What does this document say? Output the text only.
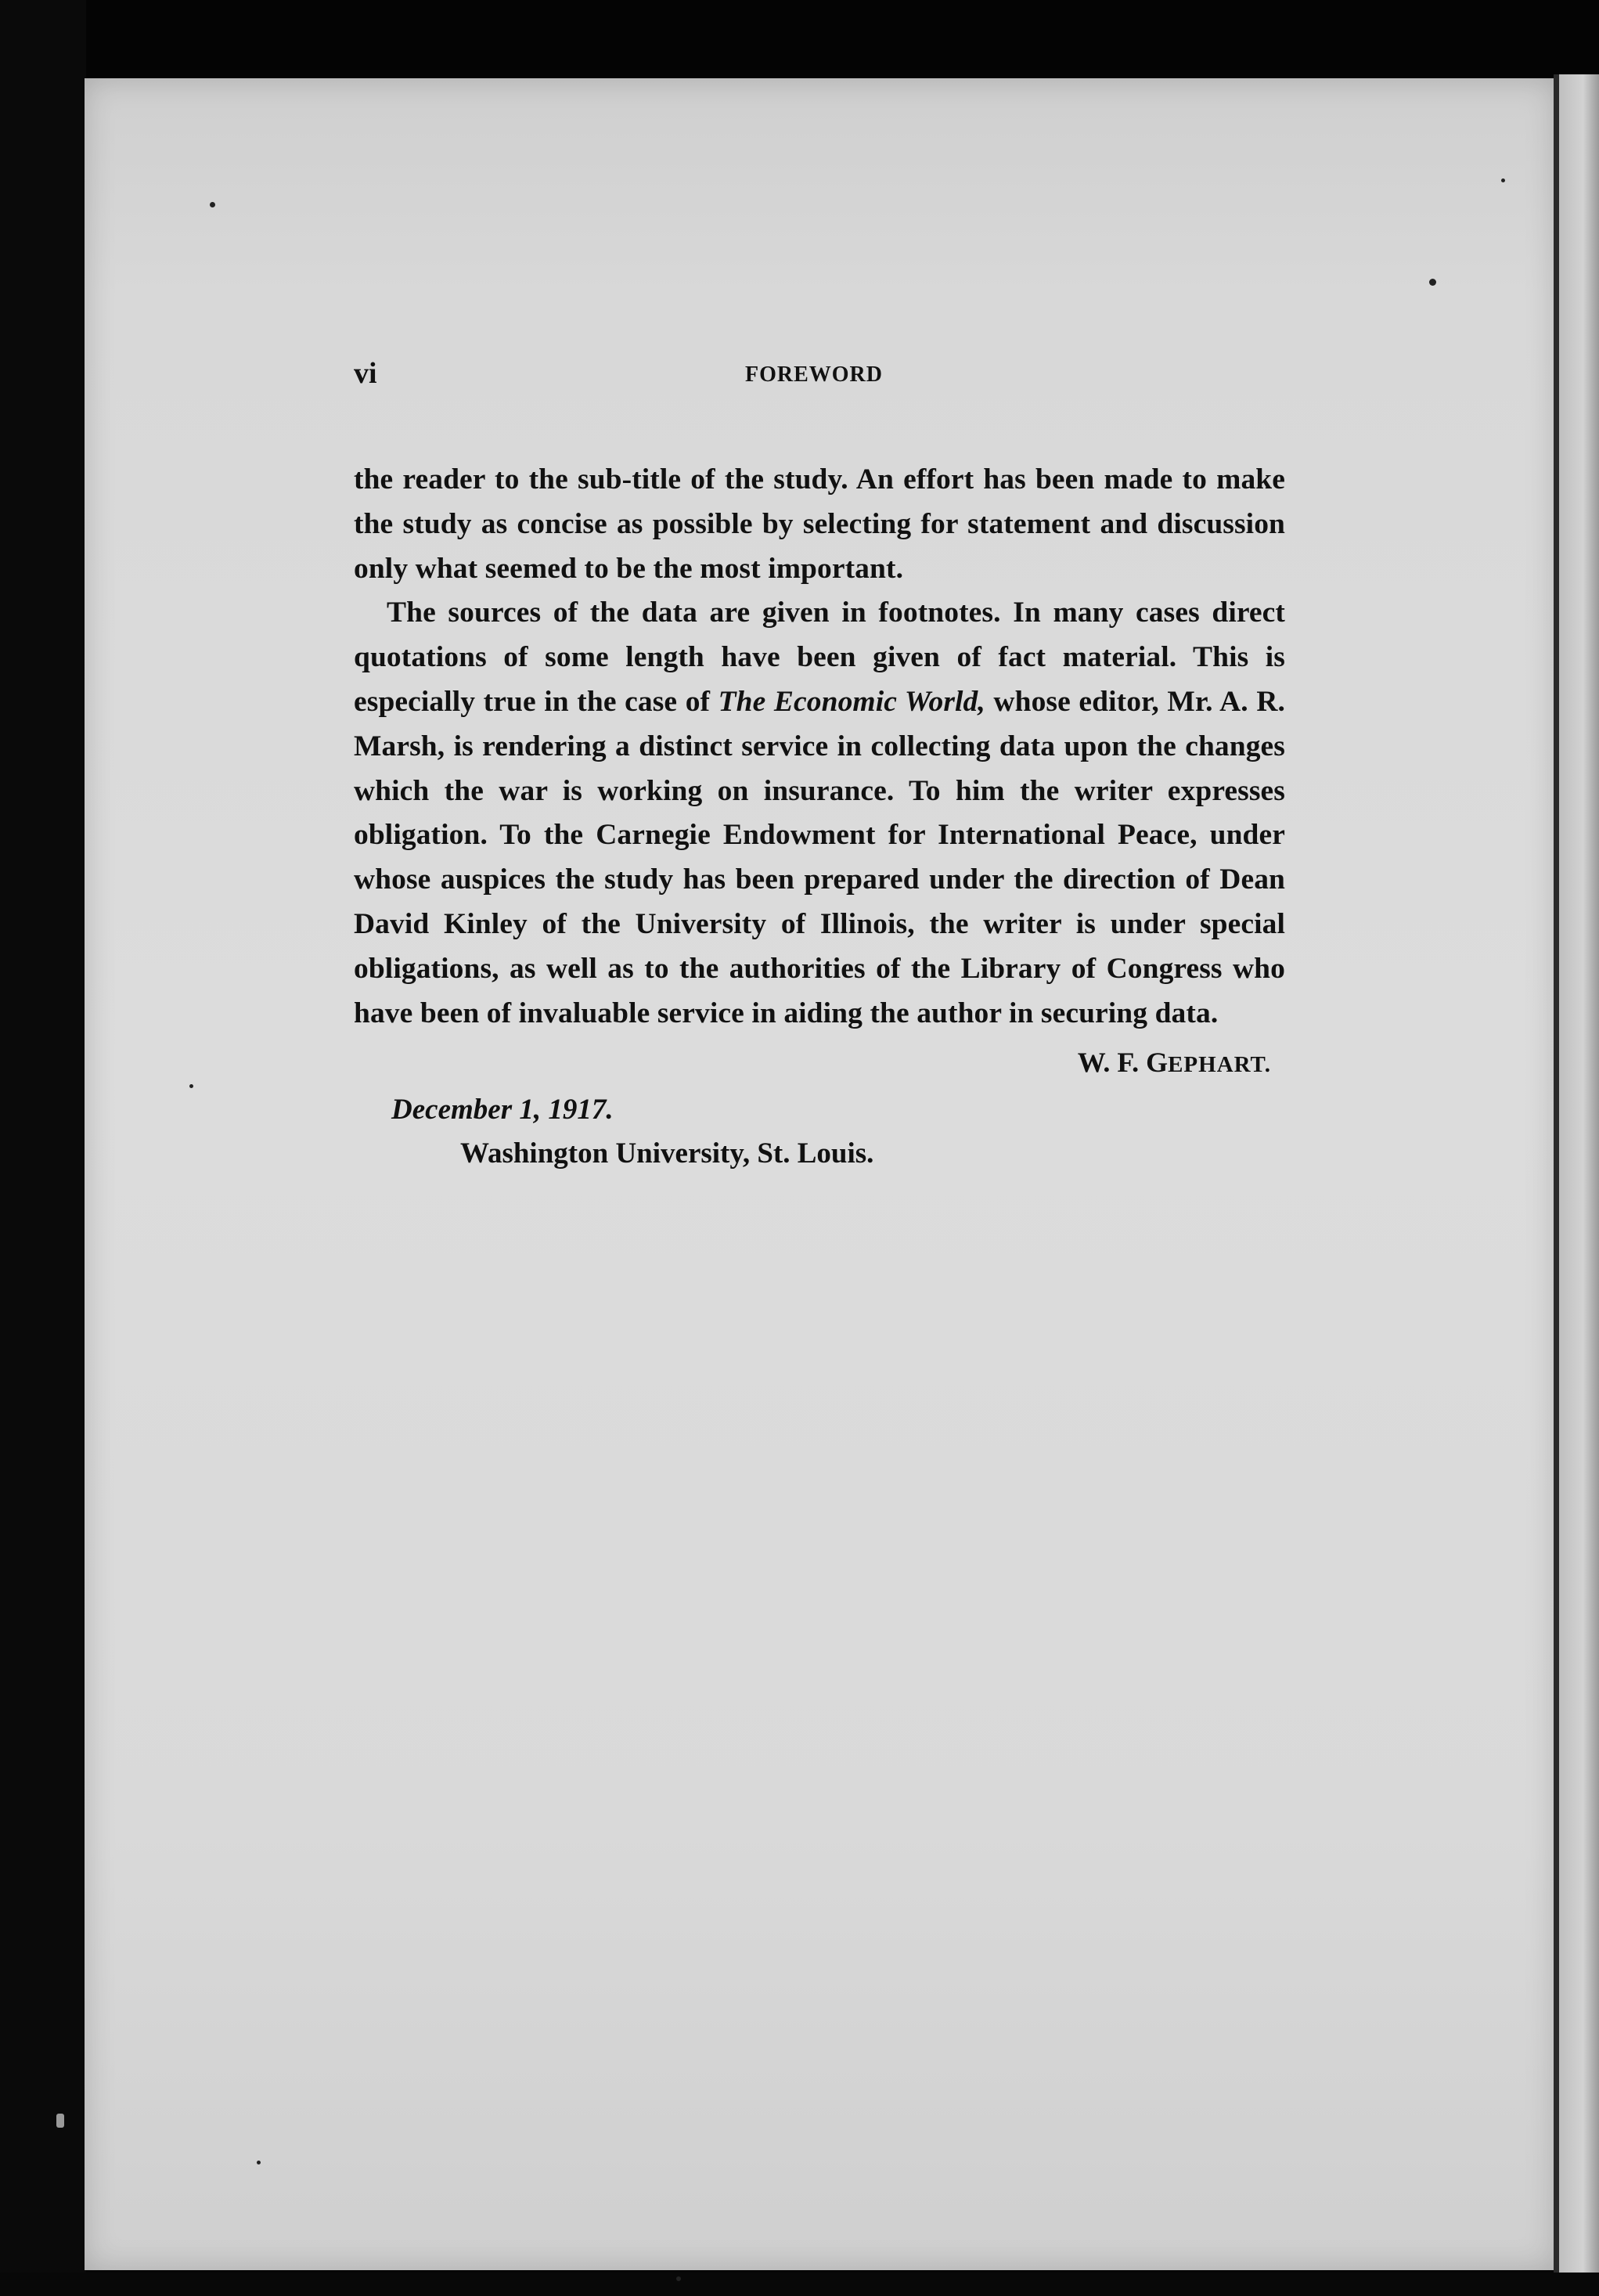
vi	FOREWORD

the reader to the sub-title of the study. An effort has been made to make the study as concise as possible by selecting for statement and discussion only what seemed to be the most important.

The sources of the data are given in footnotes. In many cases direct quotations of some length have been given of fact material. This is especially true in the case of The Economic World, whose editor, Mr. A. R. Marsh, is rendering a distinct service in collecting data upon the changes which the war is working on insurance. To him the writer expresses obligation. To the Carnegie Endowment for International Peace, under whose auspices the study has been prepared under the direction of Dean David Kinley of the University of Illinois, the writer is under special obligations, as well as to the authorities of the Library of Congress who have been of invaluable service in aiding the author in securing data.

W. F. GEPHART.
December 1, 1917.
Washington University, St. Louis.
